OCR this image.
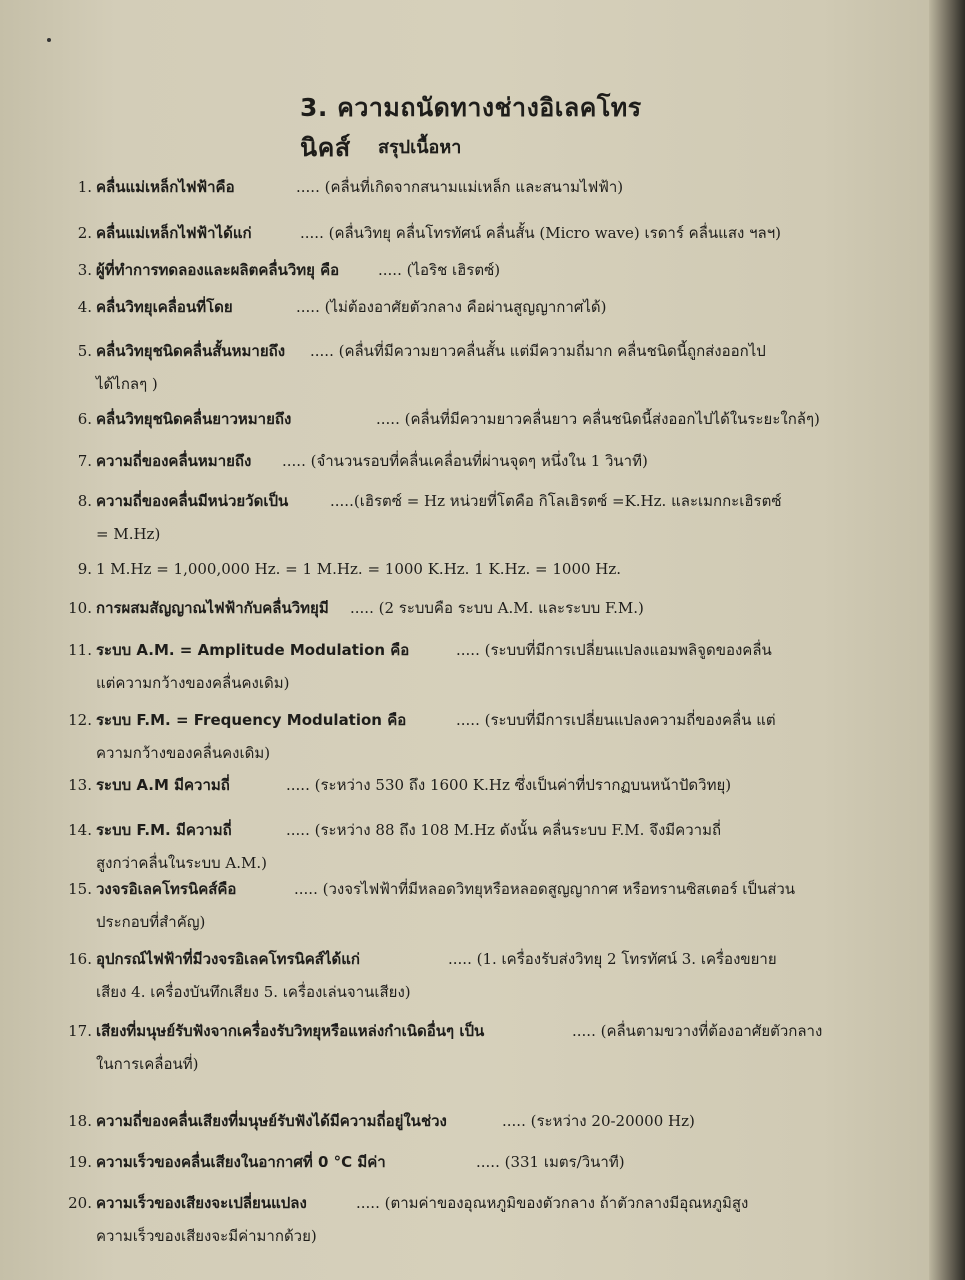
3. ความถนัดทางช่างอิเลคโทรนิคส์	สรุปเนื้อหา
1. คลื่นแม่เหล็กไฟฟ้าคือ	..... (คลื่นที่เกิดจากสนามแม่เหล็ก และสนามไฟฟ้า)
2. คลื่นแม่เหล็กไฟฟ้าได้แก่	..... (คลื่นวิทยุ คลื่นโทรทัศน์ คลื่นสั้น (Micro wave) เรดาร์ คลื่นแสง ฯลฯ)
3. ผู้ที่ทำการทดลองและผลิตคลื่นวิทยุ คือ	..... (ไอริช เฮิรตซ์)
4. คลื่นวิทยุเคลื่อนที่โดย	..... (ไม่ต้องอาศัยตัวกลาง คือผ่านสูญญากาศได้)
5. คลื่นวิทยุชนิดคลื่นสั้นหมายถึง ..... (คลื่นที่มีความยาวคลื่นสั้น แต่มีความถี่มาก คลื่นชนิดนี้ถูกส่งออกไป
ได้ไกลๆ )
6. คลื่นวิทยุชนิดคลื่นยาวหมายถึง	..... (คลื่นที่มีความยาวคลื่นยาว คลื่นชนิดนี้ส่งออกไปได้ในระยะใกล้ๆ)
7. ความถี่ของคลื่นหมายถึง ..... (จำนวนรอบที่คลื่นเคลื่อนที่ผ่านจุดๆ หนึ่งใน 1 วินาที)
8. ความถี่ของคลื่นมีหน่วยวัดเป็น	.....(เฮิรตซ์ = Hz หน่วยที่โตคือ กิโลเฮิรตซ์ =K.Hz. และเมกกะเฮิรตซ์
= M.Hz)
9. 1 M.Hz = 1,000,000 Hz. = 1 M.Hz. = 1000 K.Hz. 1 K.Hz. = 1000 Hz.
10. การผสมสัญญาณไฟฟ้ากับคลื่นวิทยุมี ..... (2 ระบบคือ ระบบ A.M. และระบบ F.M.)
11. ระบบ A.M. = Amplitude Modulation คือ	..... (ระบบที่มีการเปลี่ยนแปลงแอมพลิจูดของคลื่น
แต่ความกว้างของคลื่นคงเดิม)
12. ระบบ F.M. = Frequency Modulation คือ	..... (ระบบที่มีการเปลี่ยนแปลงความถี่ของคลื่น แต่
ความกว้างของคลื่นคงเดิม)
13. ระบบ A.M มีความถี่	..... (ระหว่าง 530 ถึง 1600 K.Hz ซึ่งเป็นค่าที่ปรากฏบนหน้าปัดวิทยุ)
14. ระบบ F.M. มีความถี่	..... (ระหว่าง 88 ถึง 108 M.Hz ดังนั้น คลื่นระบบ F.M. จึงมีความถี่
สูงกว่าคลื่นในระบบ A.M.)
15. วงจรอิเลคโทรนิคส์คือ	..... (วงจรไฟฟ้าที่มีหลอดวิทยุหรือหลอดสูญญากาศ หรือทรานซิสเตอร์ เป็นส่วน
ประกอบที่สำคัญ)
16. อุปกรณ์ไฟฟ้าที่มีวงจรอิเลคโทรนิคส์ได้แก่	..... (1. เครื่องรับส่งวิทยุ 2 โทรทัศน์ 3. เครื่องขยาย
เสียง 4. เครื่องบันทึกเสียง 5. เครื่องเล่นจานเสียง)
17. เสียงที่มนุษย์รับฟังจากเครื่องรับวิทยุหรือแหล่งกำเนิดอื่นๆ เป็น	..... (คลื่นตามขวางที่ต้องอาศัยตัวกลาง
ในการเคลื่อนที่)
18. ความถี่ของคลื่นเสียงที่มนุษย์รับฟังได้มีความถี่อยู่ในช่วง	..... (ระหว่าง 20-20000 Hz)
19. ความเร็วของคลื่นเสียงในอากาศที่ 0 °C มีค่า	..... (331 เมตร/วินาที)
20. ความเร็วของเสียงจะเปลี่ยนแปลง	..... (ตามค่าของอุณหภูมิของตัวกลาง ถ้าตัวกลางมีอุณหภูมิสูง
ความเร็วของเสียงจะมีค่ามากด้วย)
